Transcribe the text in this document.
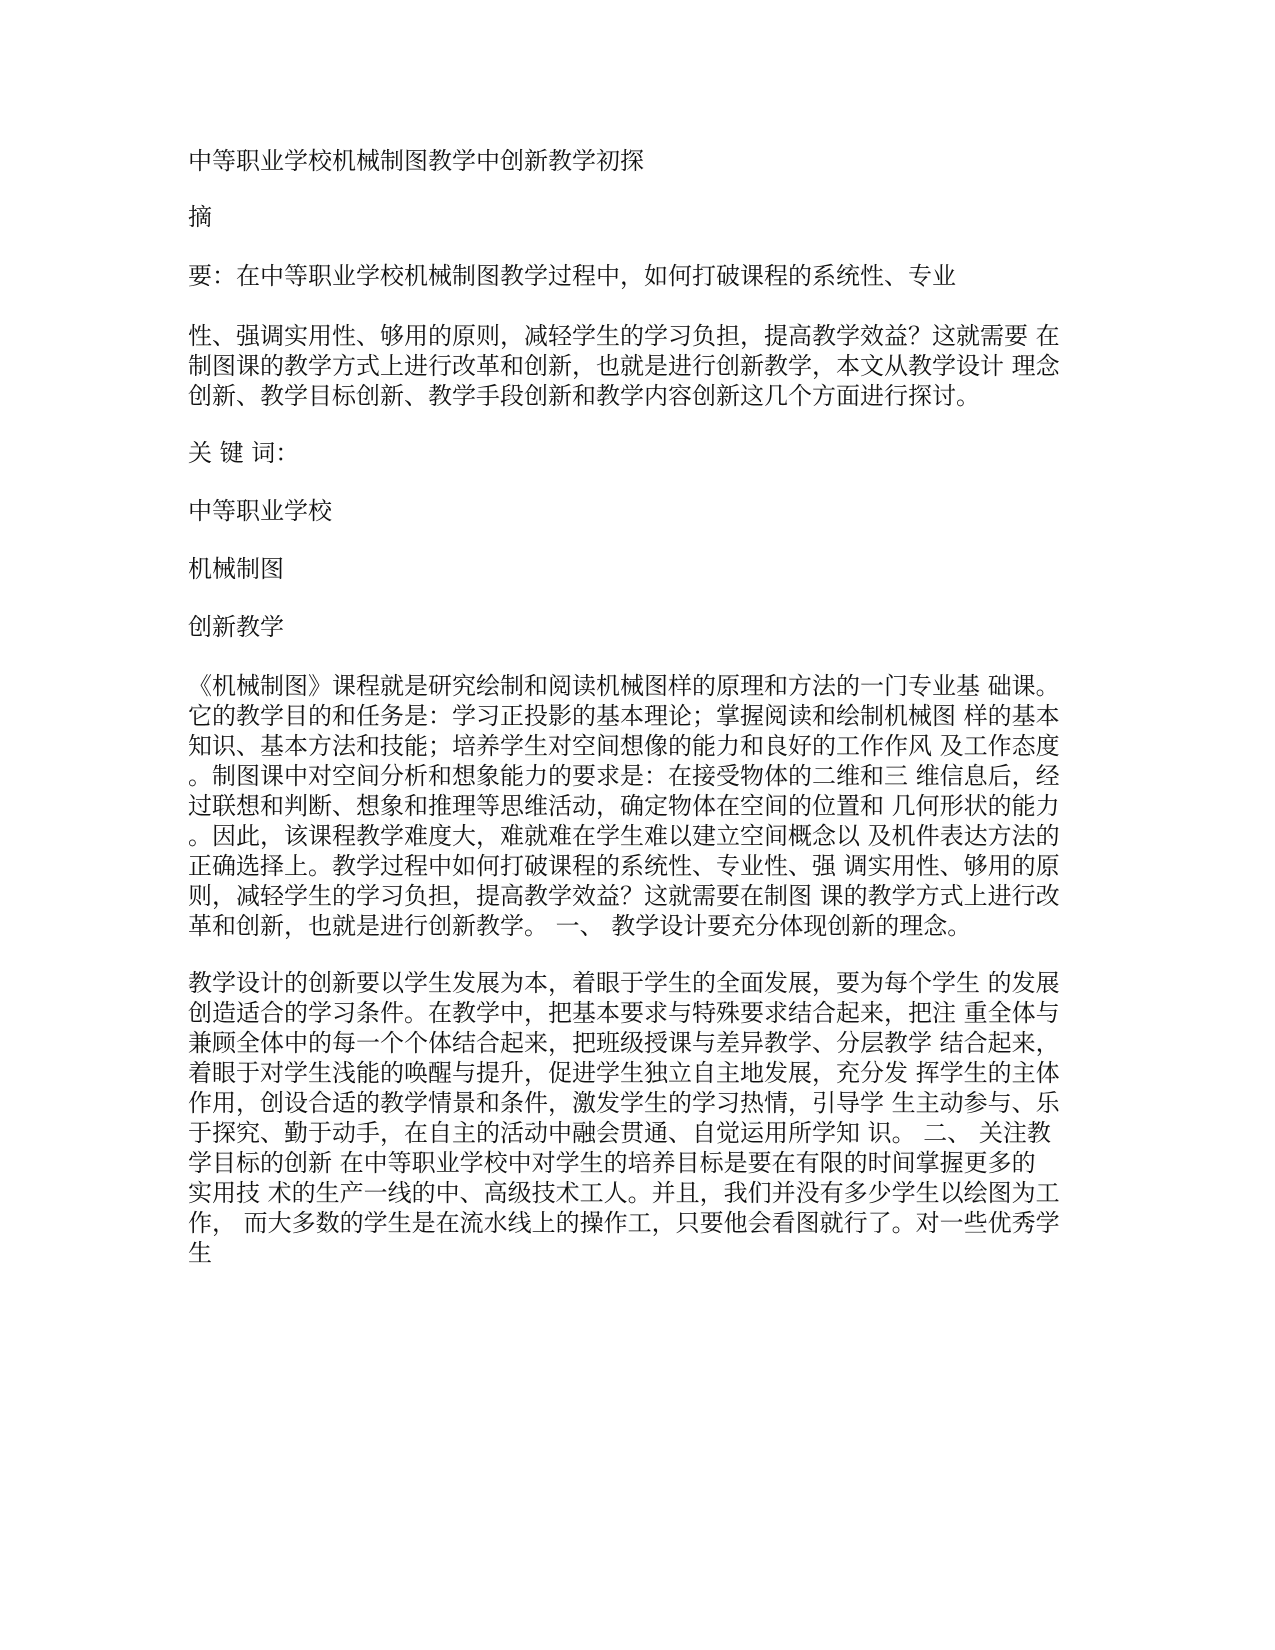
中等职业学校机械制图教学中创新教学初探

摘

要：在中等职业学校机械制图教学过程中，如何打破课程的系统性、专业

性、强调实用性、够用的原则，减轻学生的学习负担，提高教学效益？这就需要 在
制图课的教学方式上进行改革和创新，也就是进行创新教学，本文从教学设计 理念
创新、教学目标创新、教学手段创新和教学内容创新这几个方面进行探讨。

关 键 词：

中等职业学校

机械制图

创新教学

《机械制图》课程就是研究绘制和阅读机械图样的原理和方法的一门专业基 础课。
它的教学目的和任务是：学习正投影的基本理论；掌握阅读和绘制机械图 样的基本
知识、基本方法和技能；培养学生对空间想像的能力和良好的工作作风 及工作态度
。制图课中对空间分析和想象能力的要求是：在接受物体的二维和三 维信息后，经
过联想和判断、想象和推理等思维活动，确定物体在空间的位置和 几何形状的能力
。因此，该课程教学难度大，难就难在学生难以建立空间概念以 及机件表达方法的
正确选择上。教学过程中如何打破课程的系统性、专业性、强 调实用性、够用的原
则，减轻学生的学习负担，提高教学效益？这就需要在制图 课的教学方式上进行改
革和创新，也就是进行创新教学。 一、 教学设计要充分体现创新的理念。
教学设计的创新要以学生发展为本，着眼于学生的全面发展，要为每个学生 的发展
创造适合的学习条件。在教学中，把基本要求与特殊要求结合起来，把注 重全体与
兼顾全体中的每一个个体结合起来，把班级授课与差异教学、分层教学 结合起来，
着眼于对学生浅能的唤醒与提升，促进学生独立自主地发展，充分发 挥学生的主体
作用，创设合适的教学情景和条件，激发学生的学习热情，引导学 生主动参与、乐
于探究、勤于动手，在自主的活动中融会贯通、自觉运用所学知 识。 二、 关注教
学目标的创新 在中等职业学校中对学生的培养目标是要在有限的时间掌握更多的
实用技 术的生产一线的中、高级技术工人。并且，我们并没有多少学生以绘图为工
作， 而大多数的学生是在流水线上的操作工，只要他会看图就行了。对一些优秀学
生
